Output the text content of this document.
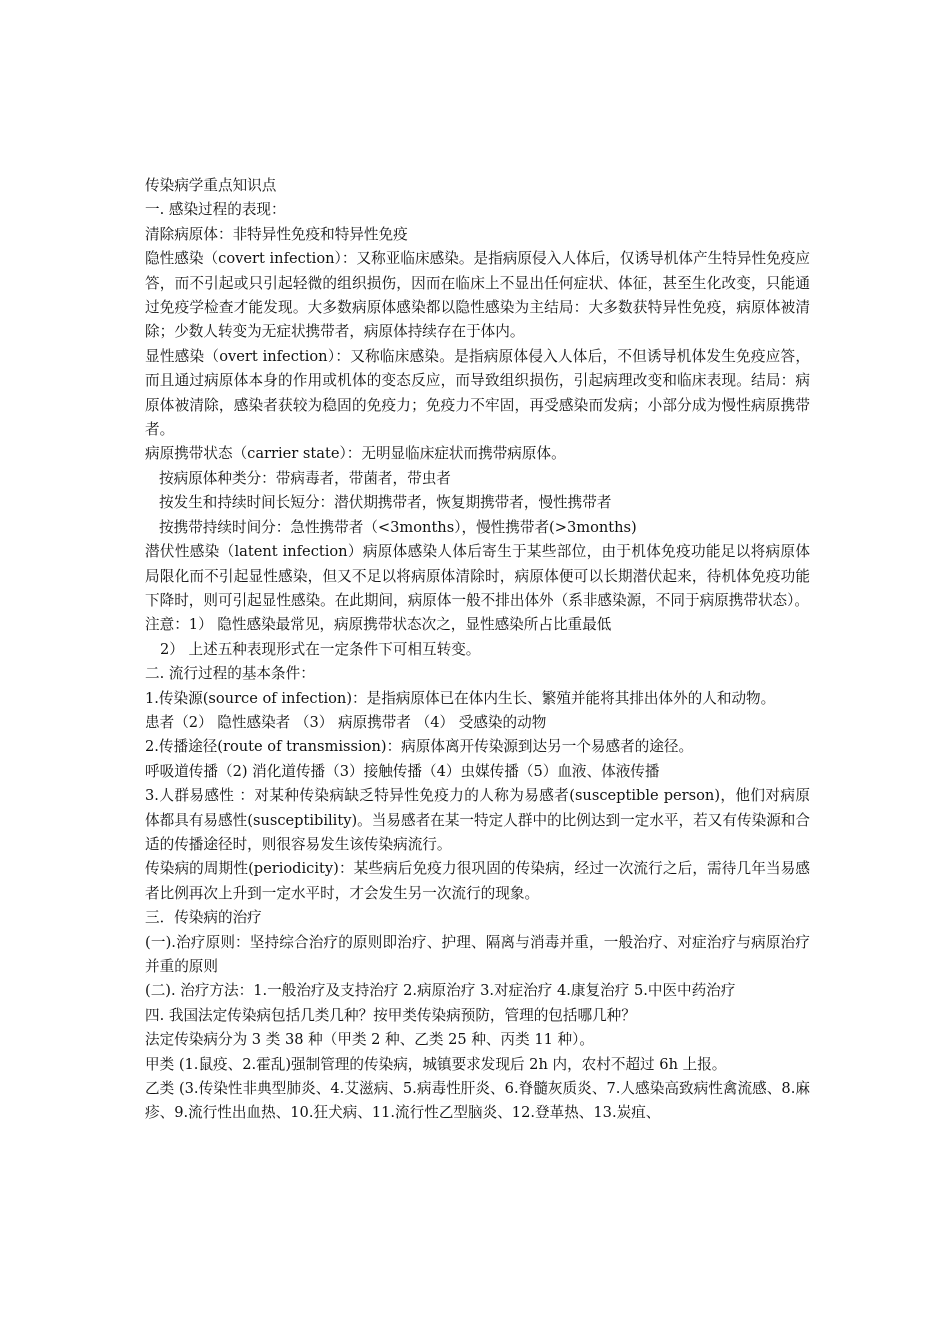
传染病学重点知识点

一. 感染过程的表现：

清除病原体：非特异性免疫和特异性免疫

隐性感染（covert infection）：又称亚临床感染。是指病原侵入人体后，仅诱导机体产生特异性免疫应答，而不引起或只引起轻微的组织损伤，因而在临床上不显出任何症状、体征，甚至生化改变，只能通过免疫学检查才能发现。大多数病原体感染都以隐性感染为主结局：大多数获特异性免疫，病原体被清除；少数人转变为无症状携带者，病原体持续存在于体内。

显性感染（overt infection）：又称临床感染。是指病原体侵入人体后，不但诱导机体发生免疫应答，而且通过病原体本身的作用或机体的变态反应，而导致组织损伤，引起病理改变和临床表现。结局：病原体被清除，感染者获较为稳固的免疫力；免疫力不牢固，再受感染而发病；小部分成为慢性病原携带者。

病原携带状态（carrier state）：无明显临床症状而携带病原体。

按病原体种类分：带病毒者，带菌者，带虫者

按发生和持续时间长短分：潜伏期携带者，恢复期携带者，慢性携带者

按携带持续时间分：急性携带者（<3months），慢性携带者(>3months)

潜伏性感染（latent infection）病原体感染人体后寄生于某些部位，由于机体免疫功能足以将病原体局限化而不引起显性感染，但又不足以将病原体清除时，病原体便可以长期潜伏起来，待机体免疫功能下降时，则可引起显性感染。在此期间，病原体一般不排出体外（系非感染源，不同于病原携带状态）。

注意：1） 隐性感染最常见，病原携带状态次之，显性感染所占比重最低

2） 上述五种表现形式在一定条件下可相互转变。

二. 流行过程的基本条件：

1.传染源(source of infection)：是指病原体已在体内生长、繁殖并能将其排出体外的人和动物。

患者（2） 隐性感染者 （3） 病原携带者 （4） 受感染的动物

2.传播途径(route of transmission)：病原体离开传染源到达另一个易感者的途径。

呼吸道传播（2) 消化道传播（3）接触传播（4）虫媒传播（5）血液、体液传播

3.人群易感性 ：对某种传染病缺乏特异性免疫力的人称为易感者(susceptible person)，他们对病原体都具有易感性(susceptibility)。当易感者在某一特定人群中的比例达到一定水平，若又有传染源和合适的传播途径时，则很容易发生该传染病流行。

传染病的周期性(periodicity)：某些病后免疫力很巩固的传染病，经过一次流行之后，需待几年当易感者比例再次上升到一定水平时，才会发生另一次流行的现象。

三．传染病的治疗

(一).治疗原则：坚持综合治疗的原则即治疗、护理、隔离与消毒并重，一般治疗、对症治疗与病原治疗并重的原则

(二). 治疗方法：1.一般治疗及支持治疗 2.病原治疗 3.对症治疗 4.康复治疗 5.中医中药治疗

四. 我国法定传染病包括几类几种？按甲类传染病预防，管理的包括哪几种？

法定传染病分为 3 类 38 种（甲类 2 种、乙类 25 种、丙类 11 种）。

甲类 (1.鼠疫、2.霍乱)强制管理的传染病，城镇要求发现后 2h 内，农村不超过 6h 上报。

乙类 (3.传染性非典型肺炎、4.艾滋病、5.病毒性肝炎、6.脊髓灰质炎、7.人感染高致病性禽流感、8.麻疹、9.流行性出血热、10.狂犬病、11.流行性乙型脑炎、12.登革热、13.炭疽、
